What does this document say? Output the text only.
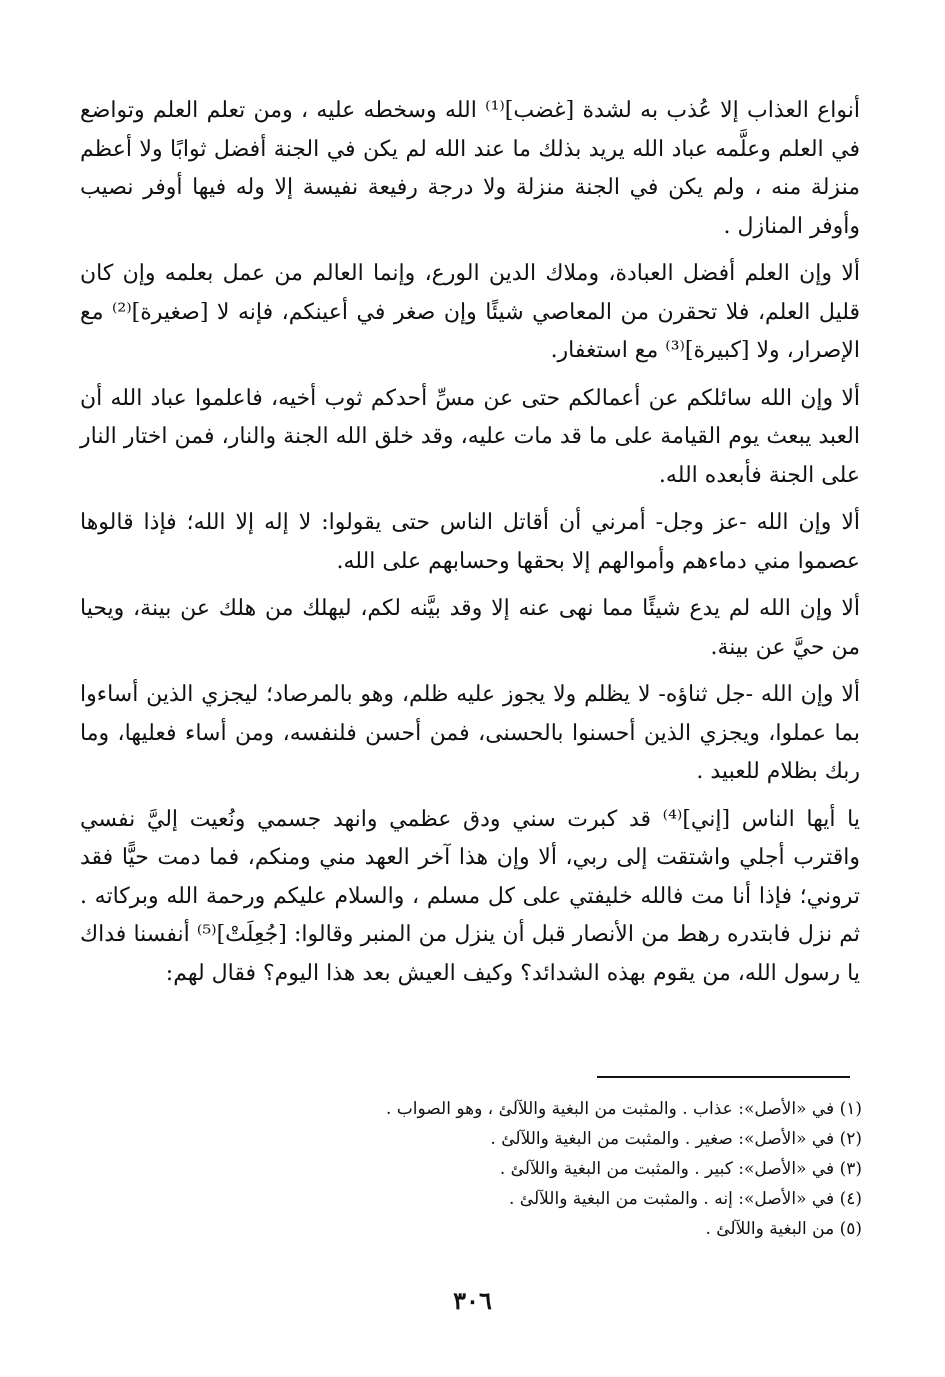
أنواع العذاب إلا عُذب به لشدة [غضب]⁽¹⁾ الله وسخطه عليه ، ومن تعلم العلم وتواضع في العلم وعلَّمه عباد الله يريد بذلك ما عند الله لم يكن في الجنة أفضل ثوابًا ولا أعظم منزلة منه ، ولم يكن في الجنة منزلة ولا درجة رفيعة نفيسة إلا وله فيها أوفر نصيب وأوفر المنازل .

ألا وإن العلم أفضل العبادة، وملاك الدين الورع، وإنما العالم من عمل بعلمه وإن كان قليل العلم، فلا تحقرن من المعاصي شيئًا وإن صغر في أعينكم، فإنه لا [صغيرة]⁽²⁾ مع الإصرار، ولا [كبيرة]⁽³⁾ مع استغفار.

ألا وإن الله سائلكم عن أعمالكم حتى عن مسِّ أحدكم ثوب أخيه، فاعلموا عباد الله أن العبد يبعث يوم القيامة على ما قد مات عليه، وقد خلق الله الجنة والنار، فمن اختار النار على الجنة فأبعده الله.

ألا وإن الله -عز وجل- أمرني أن أقاتل الناس حتى يقولوا: لا إله إلا الله؛ فإذا قالوها عصموا مني دماءهم وأموالهم إلا بحقها وحسابهم على الله.

ألا وإن الله لم يدع شيئًا مما نهى عنه إلا وقد بيَّنه لكم، ليهلك من هلك عن بينة، ويحيا من حيَّ عن بينة.

ألا وإن الله -جل ثناؤه- لا يظلم ولا يجوز عليه ظلم، وهو بالمرصاد؛ ليجزي الذين أساءوا بما عملوا، ويجزي الذين أحسنوا بالحسنى، فمن أحسن فلنفسه، ومن أساء فعليها، وما ربك بظلام للعبيد .

يا أيها الناس [إني]⁽⁴⁾ قد كبرت سني ودق عظمي وانهد جسمي ونُعيت إليَّ نفسي واقترب أجلي واشتقت إلى ربي، ألا وإن هذا آخر العهد مني ومنكم، فما دمت حيًّا فقد تروني؛ فإذا أنا مت فالله خليفتي على كل مسلم ، والسلام عليكم ورحمة الله وبركاته . ثم نزل فابتدره رهط من الأنصار قبل أن ينزل من المنبر وقالوا: [جُعِلَتْ]⁽⁵⁾ أنفسنا فداك يا رسول الله، من يقوم بهذه الشدائد؟ وكيف العيش بعد هذا اليوم؟ فقال لهم:

(١) في «الأصل»: عذاب . والمثبت من البغية واللآلئ ، وهو الصواب .

(٢) في «الأصل»: صغير . والمثبت من البغية واللآلئ .

(٣) في «الأصل»: كبير . والمثبت من البغية واللآلئ .

(٤) في «الأصل»: إنه . والمثبت من البغية واللآلئ .

(٥) من البغية واللآلئ .

٣٠٦
